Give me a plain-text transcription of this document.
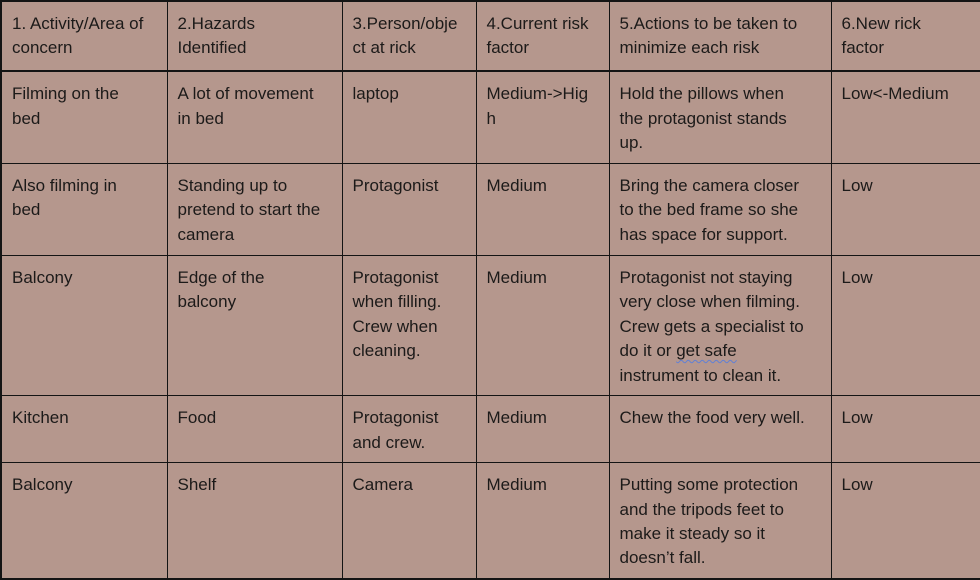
1. Activity/Area of
concern	2.Hazards
Identified	3.Person/obje
ct at rick	4.Current risk
factor	5.Actions to be taken to
minimize each risk	6.New rick
factor

Filming on the
bed	A lot of movement
in bed	laptop	Medium->Hig
h	Hold the pillows when
the protagonist stands
up.	Low<-Medium

Also filming in
bed	Standing up to
pretend to start the
camera	Protagonist	Medium	Bring the camera closer
to the bed frame so she
has space for support.	Low

Balcony	Edge of the
balcony	Protagonist
when filling.
Crew when
cleaning.	Medium	Protagonist not staying
very close when filming.
Crew gets a specialist to
do it or get safe
instrument to clean it.	Low

Kitchen	Food	Protagonist
and crew.	Medium	Chew the food very well.	Low

Balcony	Shelf	Camera	Medium	Putting some protection
and the tripods feet to
make it steady so it
doesn’t fall.	Low
